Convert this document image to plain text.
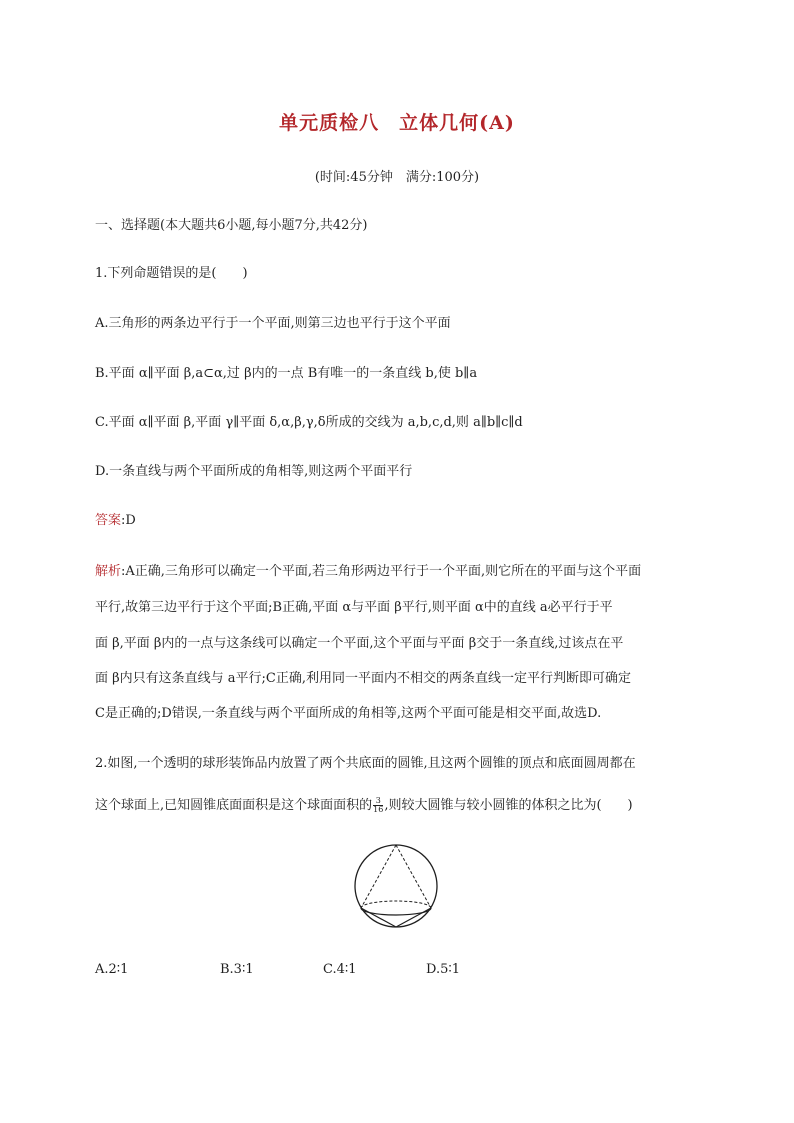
单元质检八　立体几何(A)
(时间:45分钟　满分:100分)
一、选择题(本大题共6小题,每小题7分,共42分)
1.下列命题错误的是(　　)
A.三角形的两条边平行于一个平面,则第三边也平行于这个平面
B.平面 α∥平面 β,a⊂α,过 β内的一点 B有唯一的一条直线 b,使 b∥a
C.平面 α∥平面 β,平面 γ∥平面 δ,α,β,γ,δ所成的交线为 a,b,c,d,则 a∥b∥c∥d
D.一条直线与两个平面所成的角相等,则这两个平面平行
答案:D
解析:A正确,三角形可以确定一个平面,若三角形两边平行于一个平面,则它所在的平面与这个平面
平行,故第三边平行于这个平面;B正确,平面 α与平面 β平行,则平面 α中的直线 a必平行于平
面 β,平面 β内的一点与这条线可以确定一个平面,这个平面与平面 β交于一条直线,过该点在平
面 β内只有这条直线与 a平行;C正确,利用同一平面内不相交的两条直线一定平行判断即可确定
C是正确的;D错误,一条直线与两个平面所成的角相等,这两个平面可能是相交平面,故选D.
2.如图,一个透明的球形装饰品内放置了两个共底面的圆锥,且这两个圆锥的顶点和底面圆周都在
这个球面上,已知圆锥底面面积是这个球面面积的 $\frac{3}{16}$ ,则较大圆锥与较小圆锥的体积之比为(　　)
A.2∶1	B.3∶1	C.4∶1	D.5∶1
